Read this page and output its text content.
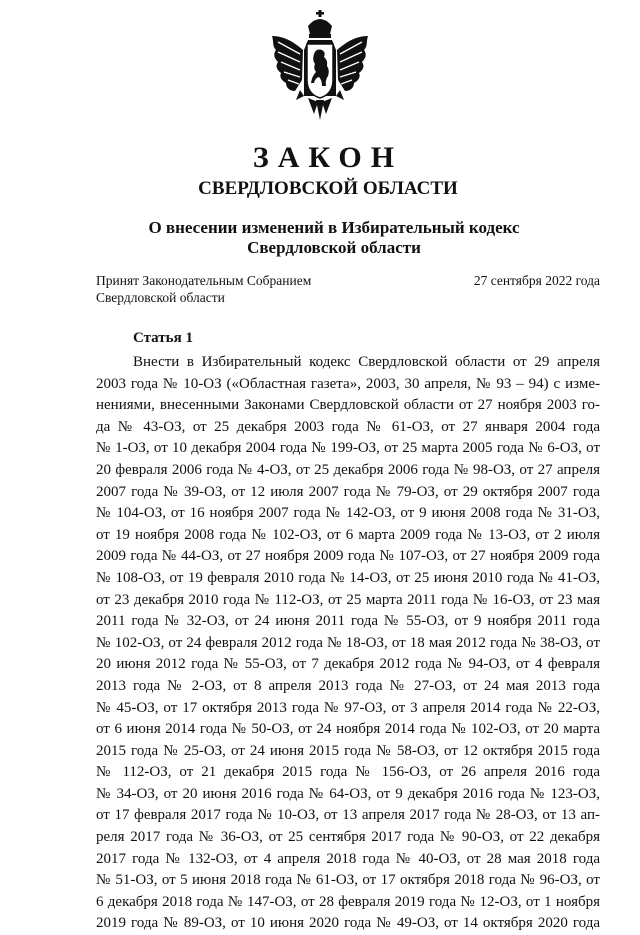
ЗАКОН
СВЕРДЛОВСКОЙ ОБЛАСТИ
О внесении изменений в Избирательный кодекс
Свердловской области
Принят Законодательным Собранием
Свердловской области
27 сентября 2022 года
Статья 1
Внести в Избирательный кодекс Свердловской области от 29 апреля
2003 года № 10-ОЗ («Областная газета», 2003, 30 апреля, № 93 – 94) с изме-
нениями, внесенными Законами Свердловской области от 27 ноября 2003 го-
да № 43-ОЗ, от 25 декабря 2003 года № 61-ОЗ, от 27 января 2004 года
№ 1-ОЗ, от 10 декабря 2004 года № 199-ОЗ, от 25 марта 2005 года № 6-ОЗ, от
20 февраля 2006 года № 4-ОЗ, от 25 декабря 2006 года № 98-ОЗ, от 27 апреля
2007 года № 39-ОЗ, от 12 июля 2007 года № 79-ОЗ, от 29 октября 2007 года
№ 104-ОЗ, от 16 ноября 2007 года № 142-ОЗ, от 9 июня 2008 года № 31-ОЗ,
от 19 ноября 2008 года № 102-ОЗ, от 6 марта 2009 года № 13-ОЗ, от 2 июля
2009 года № 44-ОЗ, от 27 ноября 2009 года № 107-ОЗ, от 27 ноября 2009 года
№ 108-ОЗ, от 19 февраля 2010 года № 14-ОЗ, от 25 июня 2010 года № 41-ОЗ,
от 23 декабря 2010 года № 112-ОЗ, от 25 марта 2011 года № 16-ОЗ, от 23 мая
2011 года № 32-ОЗ, от 24 июня 2011 года № 55-ОЗ, от 9 ноября 2011 года
№ 102-ОЗ, от 24 февраля 2012 года № 18-ОЗ, от 18 мая 2012 года № 38-ОЗ, от
20 июня 2012 года № 55-ОЗ, от 7 декабря 2012 года № 94-ОЗ, от 4 февраля
2013 года № 2-ОЗ, от 8 апреля 2013 года № 27-ОЗ, от 24 мая 2013 года
№ 45-ОЗ, от 17 октября 2013 года № 97-ОЗ, от 3 апреля 2014 года № 22-ОЗ,
от 6 июня 2014 года № 50-ОЗ, от 24 ноября 2014 года № 102-ОЗ, от 20 марта
2015 года № 25-ОЗ, от 24 июня 2015 года № 58-ОЗ, от 12 октября 2015 года
№ 112-ОЗ, от 21 декабря 2015 года № 156-ОЗ, от 26 апреля 2016 года
№ 34-ОЗ, от 20 июня 2016 года № 64-ОЗ, от 9 декабря 2016 года № 123-ОЗ,
от 17 февраля 2017 года № 10-ОЗ, от 13 апреля 2017 года № 28-ОЗ, от 13 ап-
реля 2017 года № 36-ОЗ, от 25 сентября 2017 года № 90-ОЗ, от 22 декабря
2017 года № 132-ОЗ, от 4 апреля 2018 года № 40-ОЗ, от 28 мая 2018 года
№ 51-ОЗ, от 5 июня 2018 года № 61-ОЗ, от 17 октября 2018 года № 96-ОЗ, от
6 декабря 2018 года № 147-ОЗ, от 28 февраля 2019 года № 12-ОЗ, от 1 ноября
2019 года № 89-ОЗ, от 10 июня 2020 года № 49-ОЗ, от 14 октября 2020 года
